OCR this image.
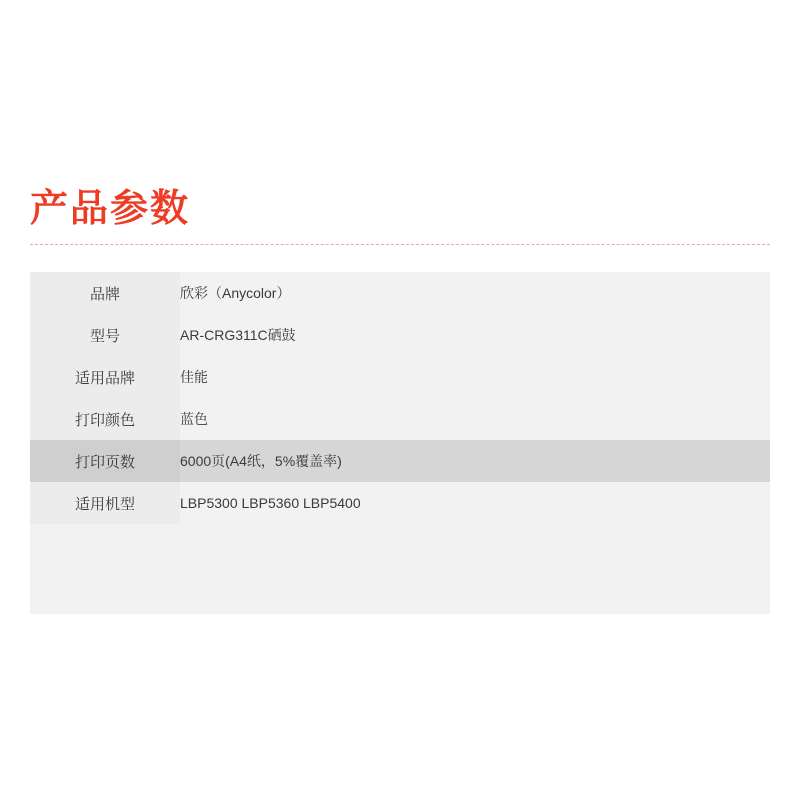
产品参数
品牌	欣彩（Anycolor）
型号	AR-CRG311C硒鼓
适用品牌	佳能
打印颜色	蓝色
打印页数	6000页(A4纸，5%覆盖率)
适用机型	LBP5300 LBP5360 LBP5400
